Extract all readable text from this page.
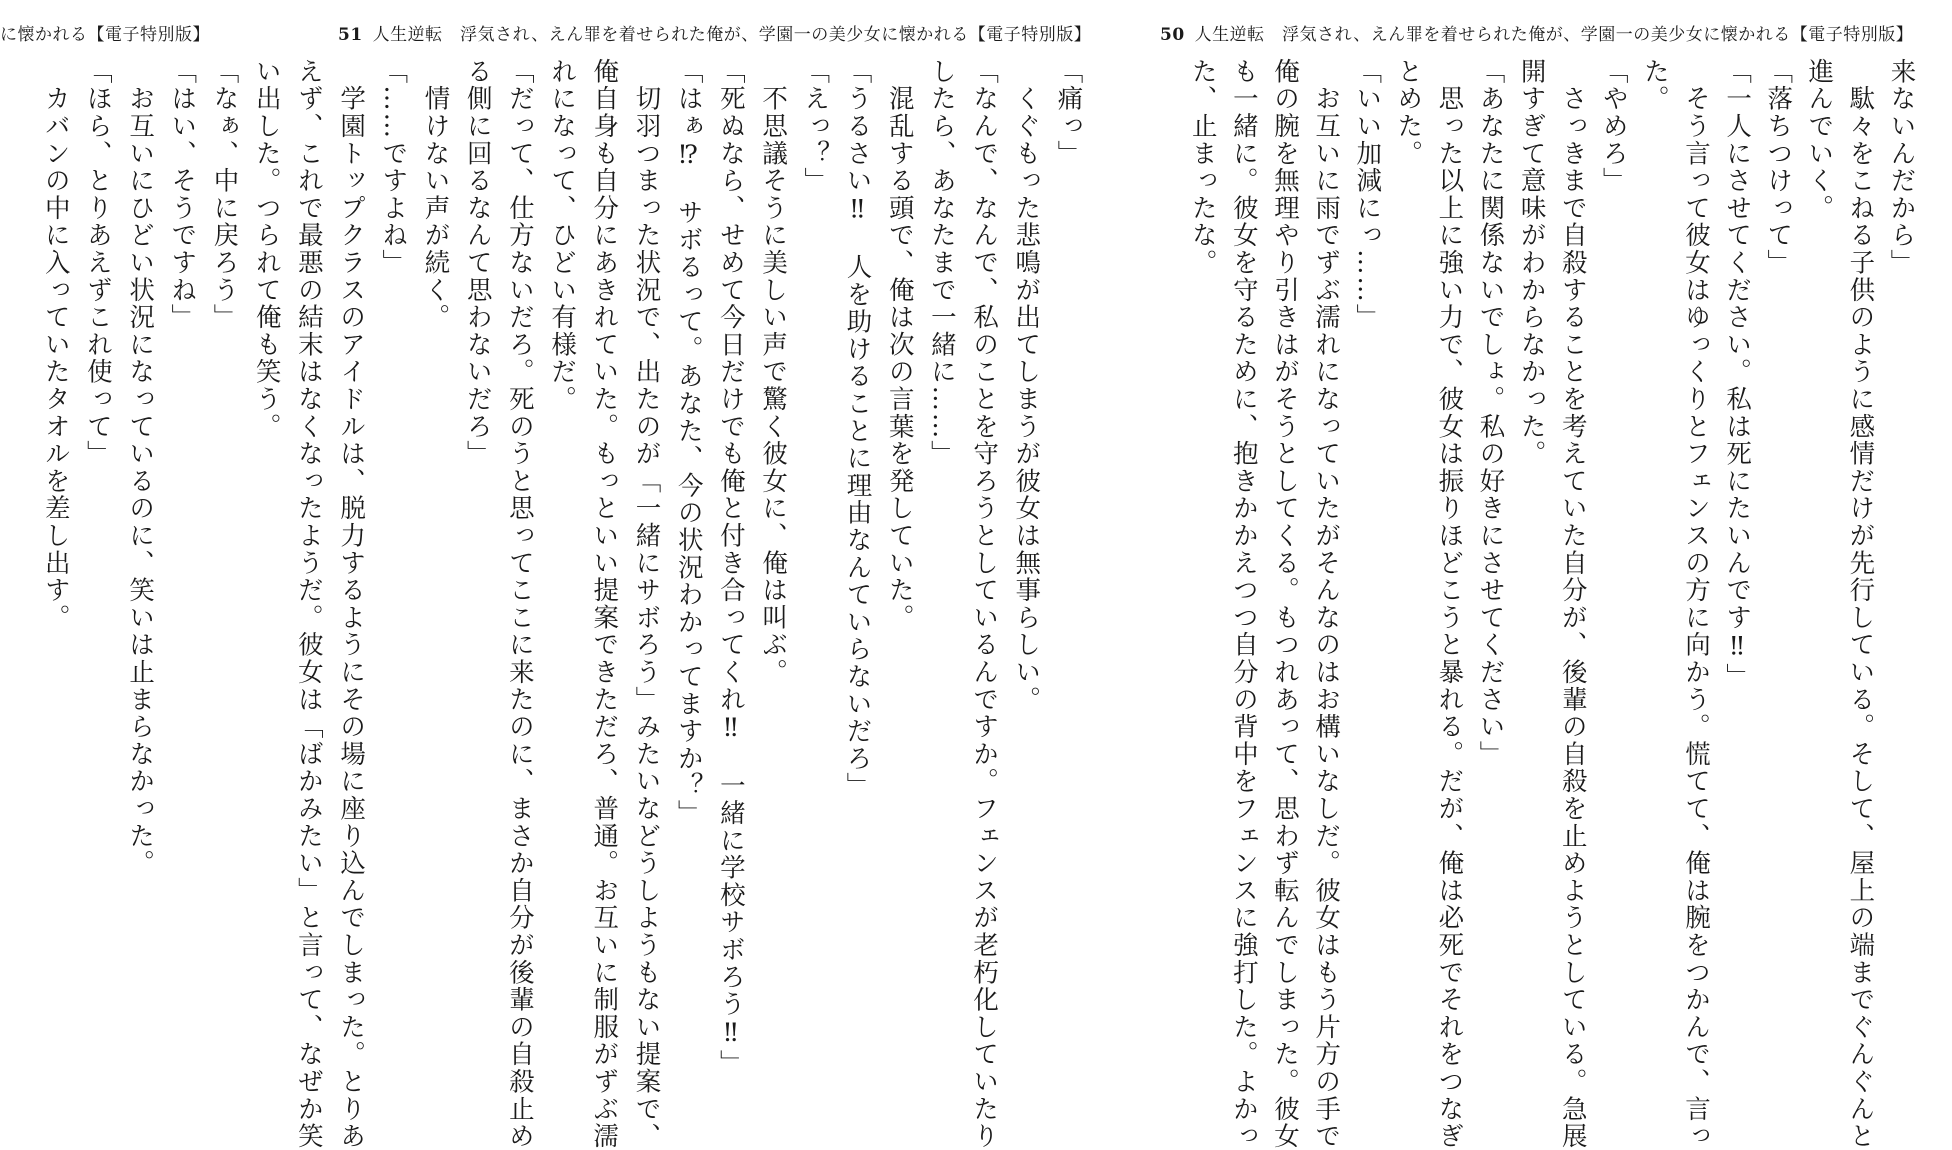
に懐かれる【電子特別版】	51 人生逆転　浮気され、えん罪を着せられた俺が、学園一の美少女に懐かれる【電子特別版】	50 人生逆転　浮気され、えん罪を着せられた俺が、学園一の美少女に懐かれる【電子特別版】
来ないんだから」
　駄々をこねる子供のように感情だけが先行している。そして、屋上の端までぐんぐんと
進んでいく。
「落ちつけって」
「一人にさせてください。私は死にたいんです‼」
　そう言って彼女はゆっくりとフェンスの方に向かう。慌てて、俺は腕をつかんで、言っ
た。
「やめろ」
　さっきまで自殺することを考えていた自分が、後輩の自殺を止めようとしている。急展
開すぎて意味がわからなかった。
「あなたに関係ないでしょ。私の好きにさせてください」
　思った以上に強い力で、彼女は振りほどこうと暴れる。だが、俺は必死でそれをつなぎ
とめた。
「いい加減にっ……」
　お互いに雨でずぶ濡れになっていたがそんなのはお構いなしだ。彼女はもう片方の手で
俺の腕を無理やり引きはがそうとしてくる。もつれあって、思わず転んでしまった。彼女
も一緒に。彼女を守るために、抱きかかえつつ自分の背中をフェンスに強打した。よかっ
た、止まったな。
「痛っ」
　くぐもった悲鳴が出てしまうが彼女は無事らしい。
「なんで、なんで、私のことを守ろうとしているんですか。フェンスが老朽化していたり
したら、あなたまで一緒に……」
　混乱する頭で、俺は次の言葉を発していた。
「うるさい‼　人を助けることに理由なんていらないだろ」
「えっ？」
　不思議そうに美しい声で驚く彼女に、俺は叫ぶ。
「死ぬなら、せめて今日だけでも俺と付き合ってくれ‼　一緒に学校サボろう‼」
「はぁ⁉　サボるって。あなた、今の状況わかってますか？」
　切羽つまった状況で、出たのが「一緒にサボろう」みたいなどうしようもない提案で、
俺自身も自分にあきれていた。もっといい提案できただろ、普通。お互いに制服がずぶ濡
れになって、ひどい有様だ。
「だって、仕方ないだろ。死のうと思ってここに来たのに、まさか自分が後輩の自殺止め
る側に回るなんて思わないだろ」
　情けない声が続く。
「……ですよね」
　学園トップクラスのアイドルは、脱力するようにその場に座り込んでしまった。とりあ
えず、これで最悪の結末はなくなったようだ。彼女は「ばかみたい」と言って、なぜか笑
い出した。つられて俺も笑う。
「なぁ、中に戻ろう」
「はい、そうですね」
　お互いにひどい状況になっているのに、笑いは止まらなかった。
「ほら、とりあえずこれ使って」
　カバンの中に入っていたタオルを差し出す。
